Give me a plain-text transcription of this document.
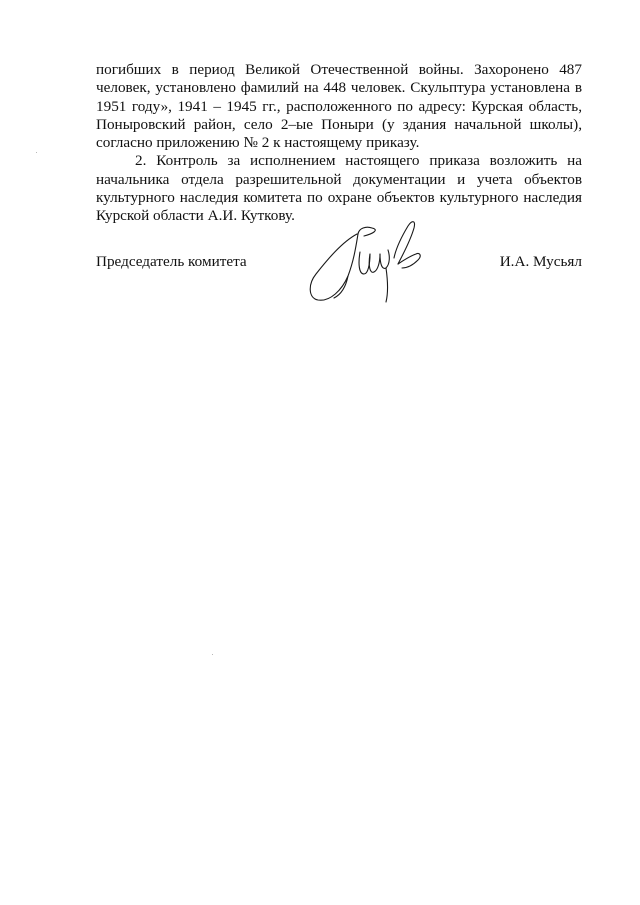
погибших в период Великой Отечественной войны. Захоронено 487 человек, установлено фамилий на 448 человек. Скульптура установлена в 1951 году», 1941 – 1945 гг., расположенного по адресу: Курская область, Поныровский район, село 2–ые Поныри (у здания начальной школы), согласно приложению № 2 к настоящему приказу.

2. Контроль за исполнением настоящего приказа возложить на начальника отдела разрешительной документации и учета объектов культурного наследия комитета по охране объектов культурного наследия Курской области А.И. Куткову.

Председатель комитета	И.А. Мусьял
